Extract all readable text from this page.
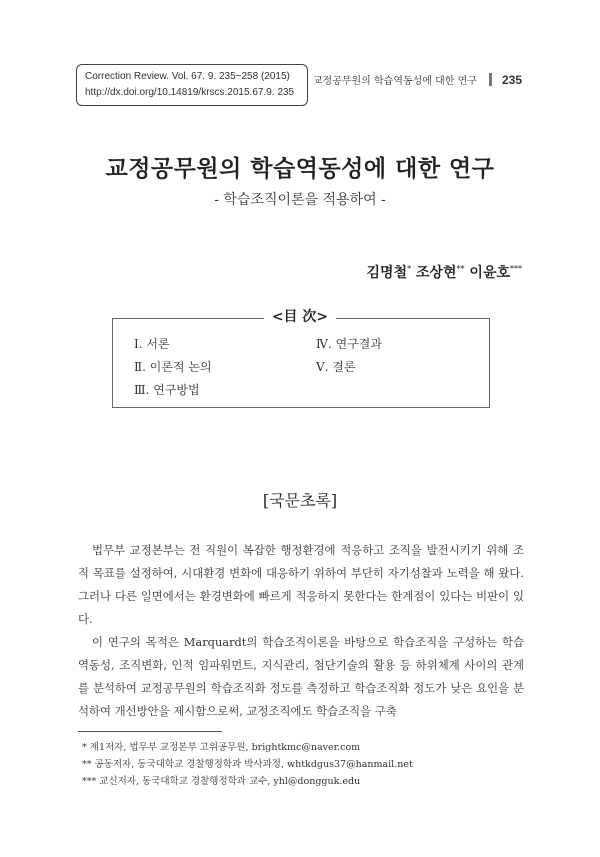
Correction Review. Vol. 67. 9. 235~258 (2015)
http://dx.doi.org/10.14819/krscs.2015.67.9. 235
교정공무원의 학습역동성에 대한 연구 235
교정공무원의 학습역동성에 대한 연구
- 학습조직이론을 적용하여 -
김명철* 조상현** 이윤호***
<目 次>
Ⅰ. 서론
Ⅱ. 이론적 논의
Ⅲ. 연구방법
Ⅳ. 연구결과
Ⅴ. 결론
[국문초록]

법무부 교정본부는 전 직원이 복잡한 행정환경에 적응하고 조직을 발전시키기 위해 조직 목표를 설정하여, 시대환경 변화에 대응하기 위하여 부단히 자기성찰과 노력을 해 왔다. 그러나 다른 일면에서는 환경변화에 빠르게 적응하지 못한다는 한계점이 있다는 비판이 있다.

이 연구의 목적은 Marquardt의 학습조직이론을 바탕으로 학습조직을 구성하는 학습역동성, 조직변화, 인적 임파워먼트, 지식관리, 첨단기술의 활용 등 하위체계 사이의 관계를 분석하여 교정공무원의 학습조직화 정도를 측정하고 학습조직화 정도가 낮은 요인을 분석하여 개선방안을 제시함으로써, 교정조직에도 학습조직을 구축

* 제1저자, 법무부 교정본부 고위공무원, brightkmc@naver.com
** 공동저자, 동국대학교 경찰행정학과 박사과정, whtkdgus37@hanmail.net
*** 교신저자, 동국대학교 경찰행정학과 교수, yhl@dongguk.edu
